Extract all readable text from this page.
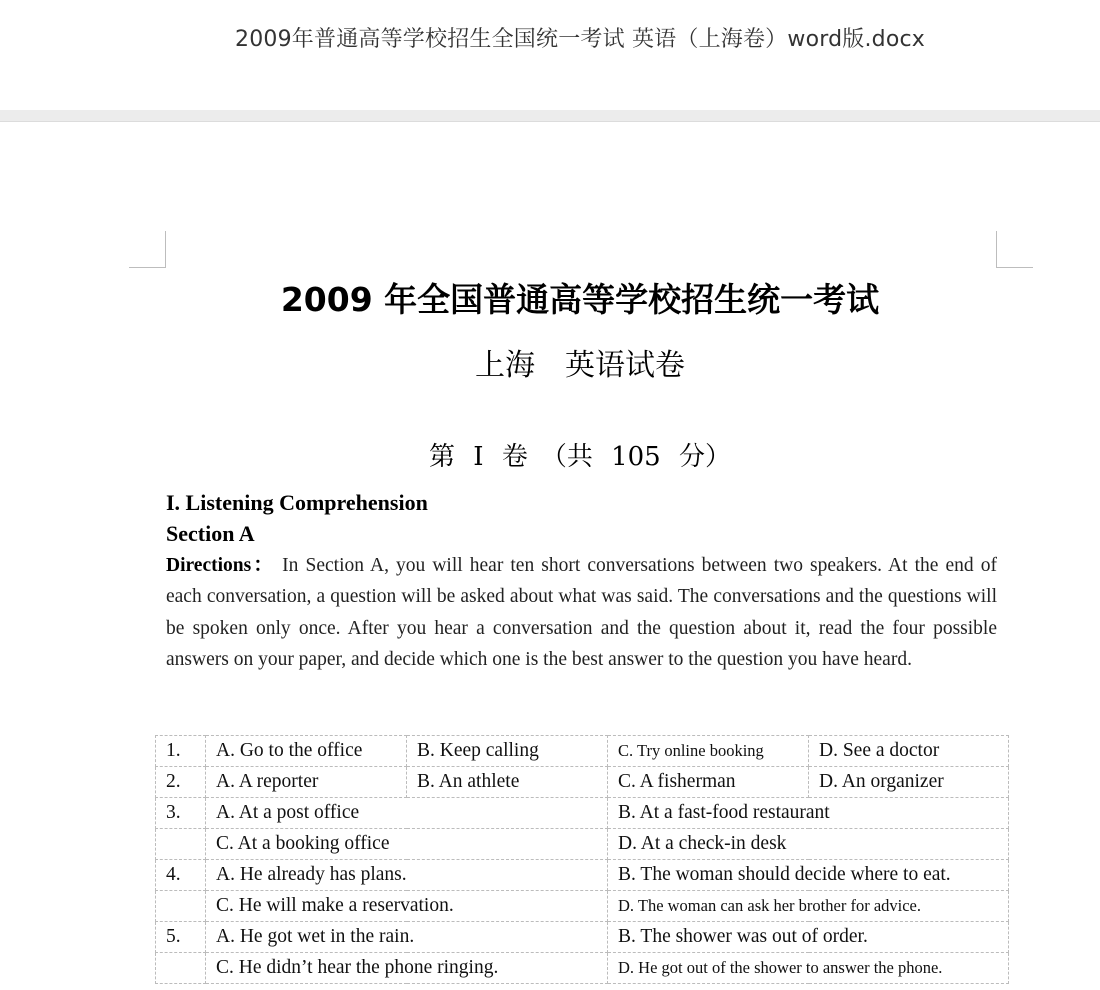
2009年普通高等学校招生全国统一考试 英语（上海卷）word版.docx
2009 年全国普通高等学校招生统一考试
上海　英语试卷
第 I 卷　（共 105 分）
I. Listening Comprehension
Section A

Directions： In Section A, you will hear ten short conversations between two speakers. At the end of each conversation, a question will be asked about what was said. The conversations and the questions will be spoken only once. After you hear a conversation and the question about it, read the four possible answers on your paper, and decide which one is the best answer to the question you have heard.

1.	A. Go to the office	B. Keep calling	C. Try online booking	D. See a doctor
2.	A. A reporter	B. An athlete	C. A fisherman	D. An organizer
3.	A. At a post office		B. At a fast-food restaurant	
	C. At a booking office		D. At a check-in desk	
4.	A. He already has plans.		B. The woman should decide where to eat.	
	C. He will make a reservation.		D. The woman can ask her brother for advice.	
5.	A. He got wet in the rain.		B. The shower was out of order.	
	C. He didn’t hear the phone ringing.		D. He got out of the shower to answer the phone.	
